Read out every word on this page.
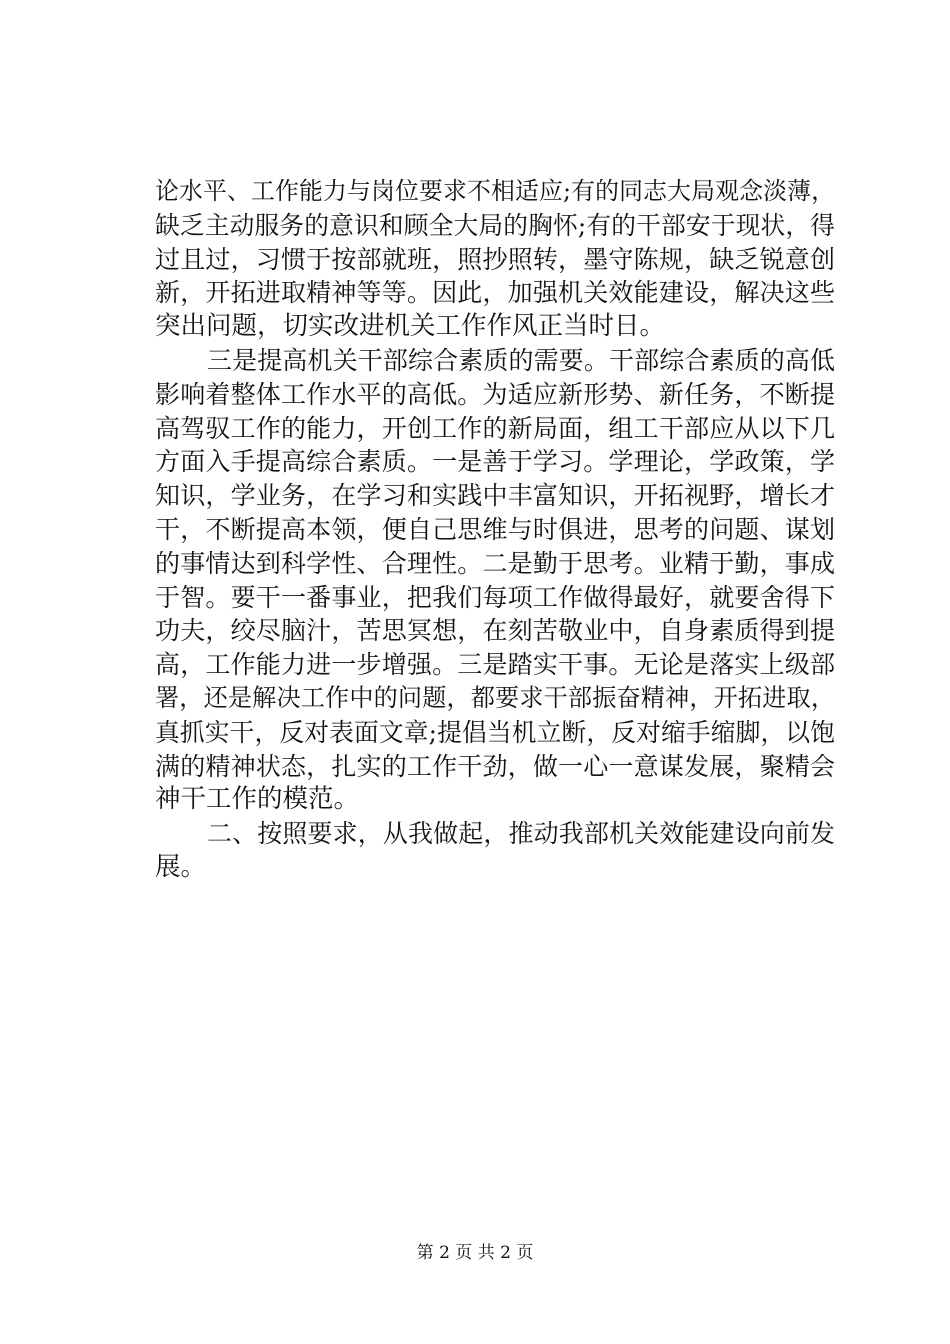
论水平、工作能力与岗位要求不相适应;有的同志大局观念淡薄，
缺乏主动服务的意识和顾全大局的胸怀;有的干部安于现状，得
过且过，习惯于按部就班，照抄照转，墨守陈规，缺乏锐意创
新，开拓进取精神等等。因此，加强机关效能建设，解决这些
突出问题，切实改进机关工作作风正当时日。
三是提高机关干部综合素质的需要。干部综合素质的高低
影响着整体工作水平的高低。为适应新形势、新任务，不断提
高驾驭工作的能力，开创工作的新局面，组工干部应从以下几
方面入手提高综合素质。一是善于学习。学理论，学政策，学
知识，学业务，在学习和实践中丰富知识，开拓视野，增长才
干，不断提高本领，便自己思维与时俱进，思考的问题、谋划
的事情达到科学性、合理性。二是勤于思考。业精于勤，事成
于智。要干一番事业，把我们每项工作做得最好，就要舍得下
功夫，绞尽脑汁，苦思冥想，在刻苦敬业中，自身素质得到提
高，工作能力进一步增强。三是踏实干事。无论是落实上级部
署，还是解决工作中的问题，都要求干部振奋精神，开拓进取，
真抓实干，反对表面文章;提倡当机立断，反对缩手缩脚，以饱
满的精神状态，扎实的工作干劲，做一心一意谋发展，聚精会
神干工作的模范。
二、按照要求，从我做起，推动我部机关效能建设向前发
展。
第 2 页 共 2 页
